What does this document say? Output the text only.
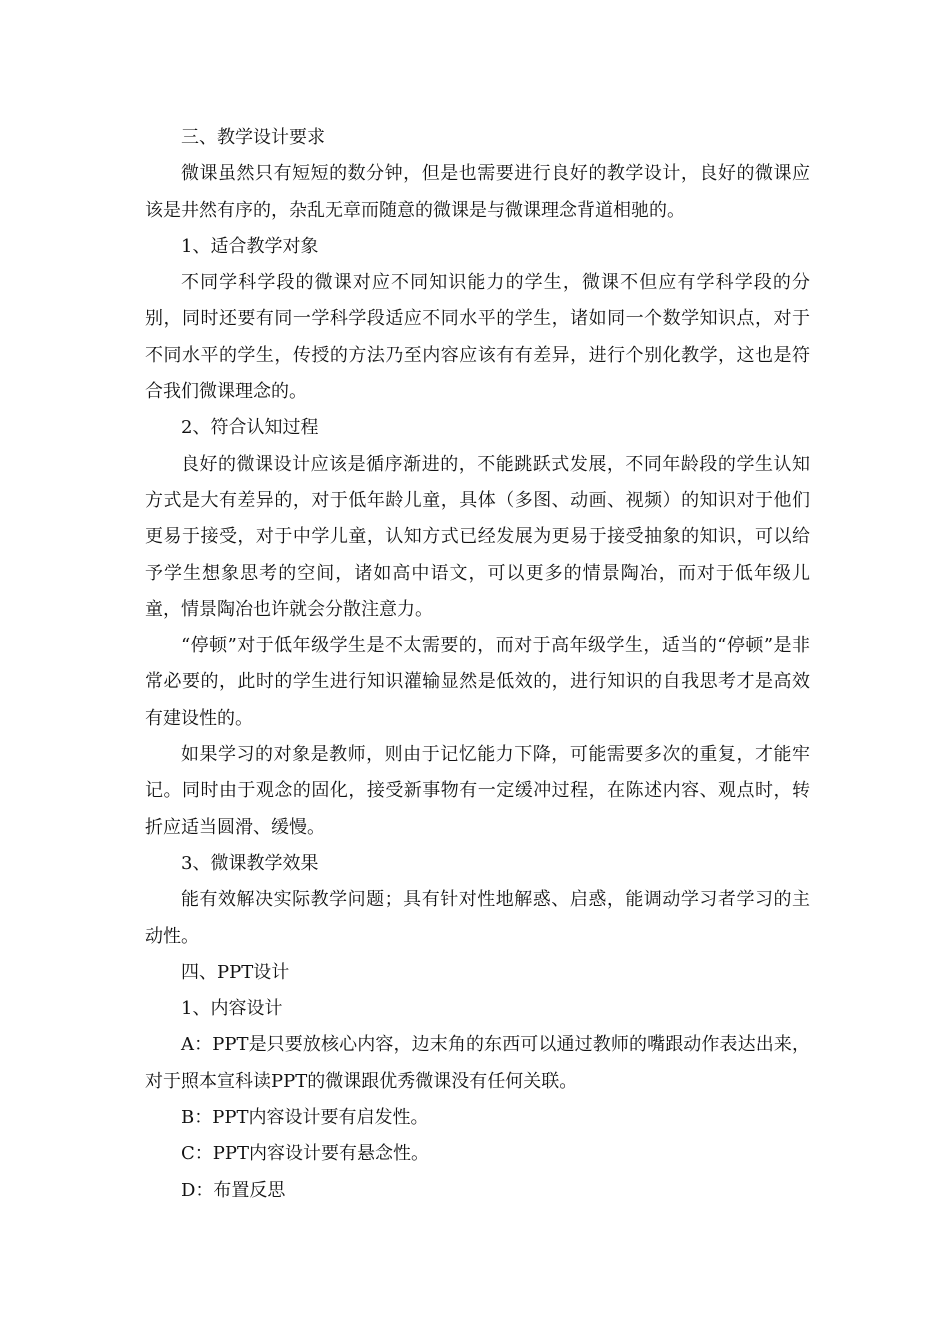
三、教学设计要求

微课虽然只有短短的数分钟，但是也需要进行良好的教学设计，良好的微课应该是井然有序的，杂乱无章而随意的微课是与微课理念背道相驰的。

1、适合教学对象

不同学科学段的微课对应不同知识能力的学生，微课不但应有学科学段的分别，同时还要有同一学科学段适应不同水平的学生，诸如同一个数学知识点，对于不同水平的学生，传授的方法乃至内容应该有有差异，进行个别化教学，这也是符合我们微课理念的。

2、符合认知过程

良好的微课设计应该是循序渐进的，不能跳跃式发展，不同年龄段的学生认知方式是大有差异的，对于低年龄儿童，具体（多图、动画、视频）的知识对于他们更易于接受，对于中学儿童，认知方式已经发展为更易于接受抽象的知识，可以给予学生想象思考的空间，诸如高中语文，可以更多的情景陶冶，而对于低年级儿童，情景陶冶也许就会分散注意力。

“停顿”对于低年级学生是不太需要的，而对于高年级学生，适当的“停顿”是非常必要的，此时的学生进行知识灌输显然是低效的，进行知识的自我思考才是高效有建设性的。

如果学习的对象是教师，则由于记忆能力下降，可能需要多次的重复，才能牢记。同时由于观念的固化，接受新事物有一定缓冲过程，在陈述内容、观点时，转折应适当圆滑、缓慢。

3、微课教学效果

能有效解决实际教学问题；具有针对性地解惑、启惑，能调动学习者学习的主动性。

四、PPT设计

1、内容设计

A：PPT是只要放核心内容，边末角的东西可以通过教师的嘴跟动作表达出来，对于照本宣科读PPT的微课跟优秀微课没有任何关联。

B：PPT内容设计要有启发性。

C：PPT内容设计要有悬念性。

D：布置反思
